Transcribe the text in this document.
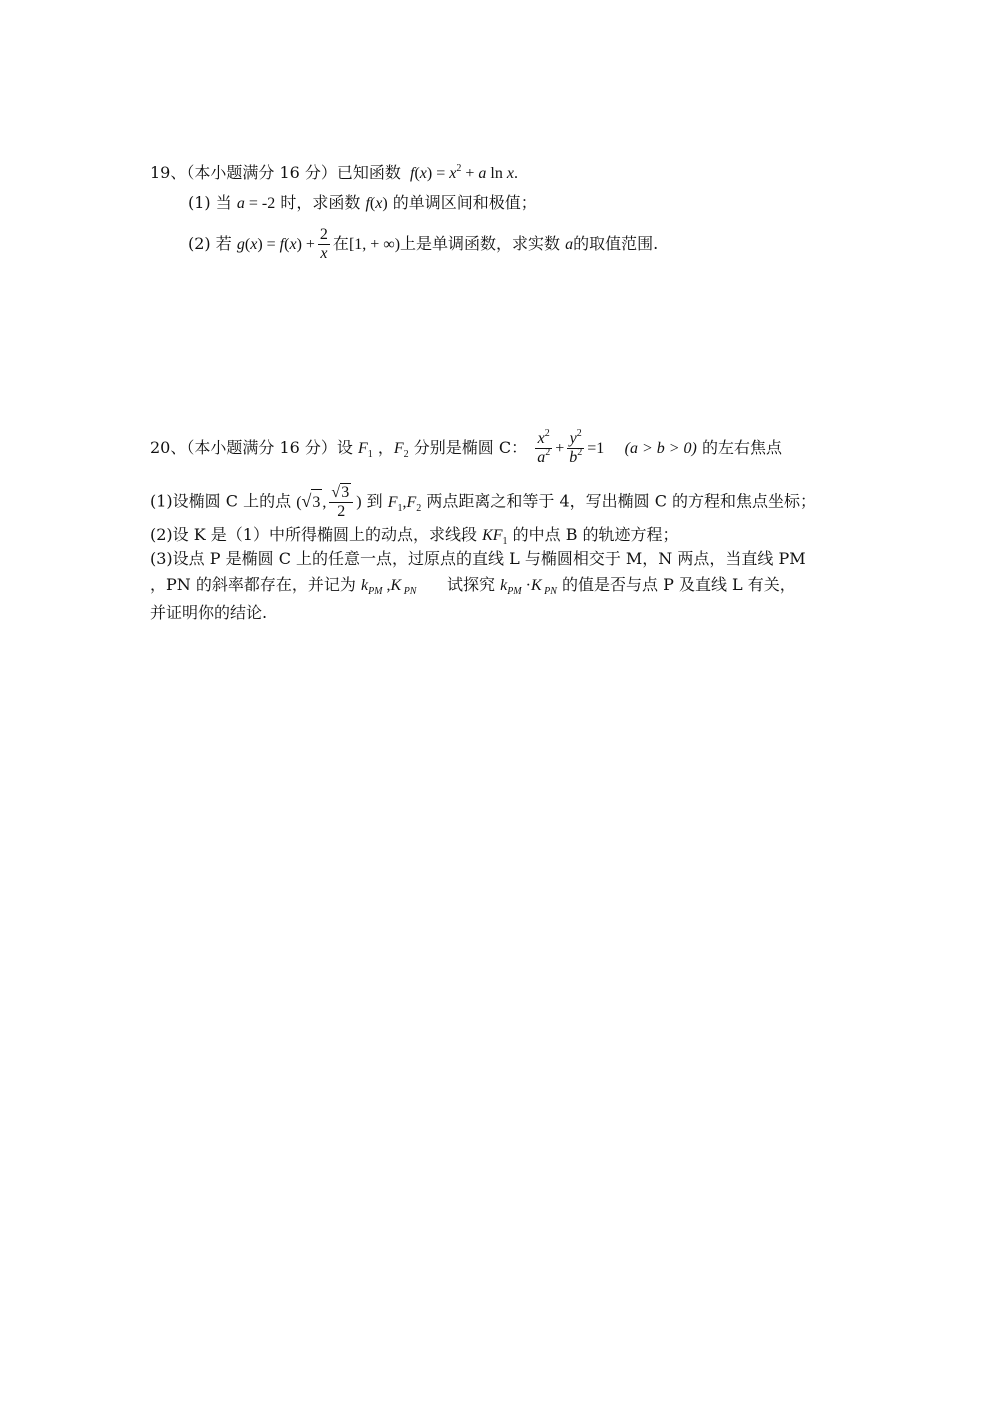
19、（本小题满分 16 分）已知函数  $f(x) = x^2 + a$ ln x.
(1) 当 a = -2 时，求函数 f(x) 的单调区间和极值；
(2) 若 $g(x) = f(x) + \frac{2}{x}$ 在[1, + ∞)上是单调函数，求实数 a的取值范围.
20、（本小题满分 16 分）设 $F_1$ ，$F_2$ 分别是椭圆 C： $\frac{x^2}{a^2} + \frac{y^2}{b^2} =1$ (a > b > 0) 的左右焦点
(1)设椭圆 C 上的点 (√3 , $\frac{√3}{2}$ ) 到 $F_1,F_2$ 两点距离之和等于 4，写出椭圆 C 的方程和焦点坐标；
(2)设 K 是（1）中所得椭圆上的动点，求线段 $KF_1$ 的中点 B 的轨迹方程；
(3)设点 P 是椭圆 C 上的任意一点，过原点的直线 L 与椭圆相交于 M，N 两点，当直线 PM
，PN 的斜率都存在，并记为 $k_{PM}$ ,K $_{PN}$ 试探究 $k_{PM} \cdot K$ $_{PN}$ 的值是否与点 P 及直线 L 有关，
并证明你的结论.
